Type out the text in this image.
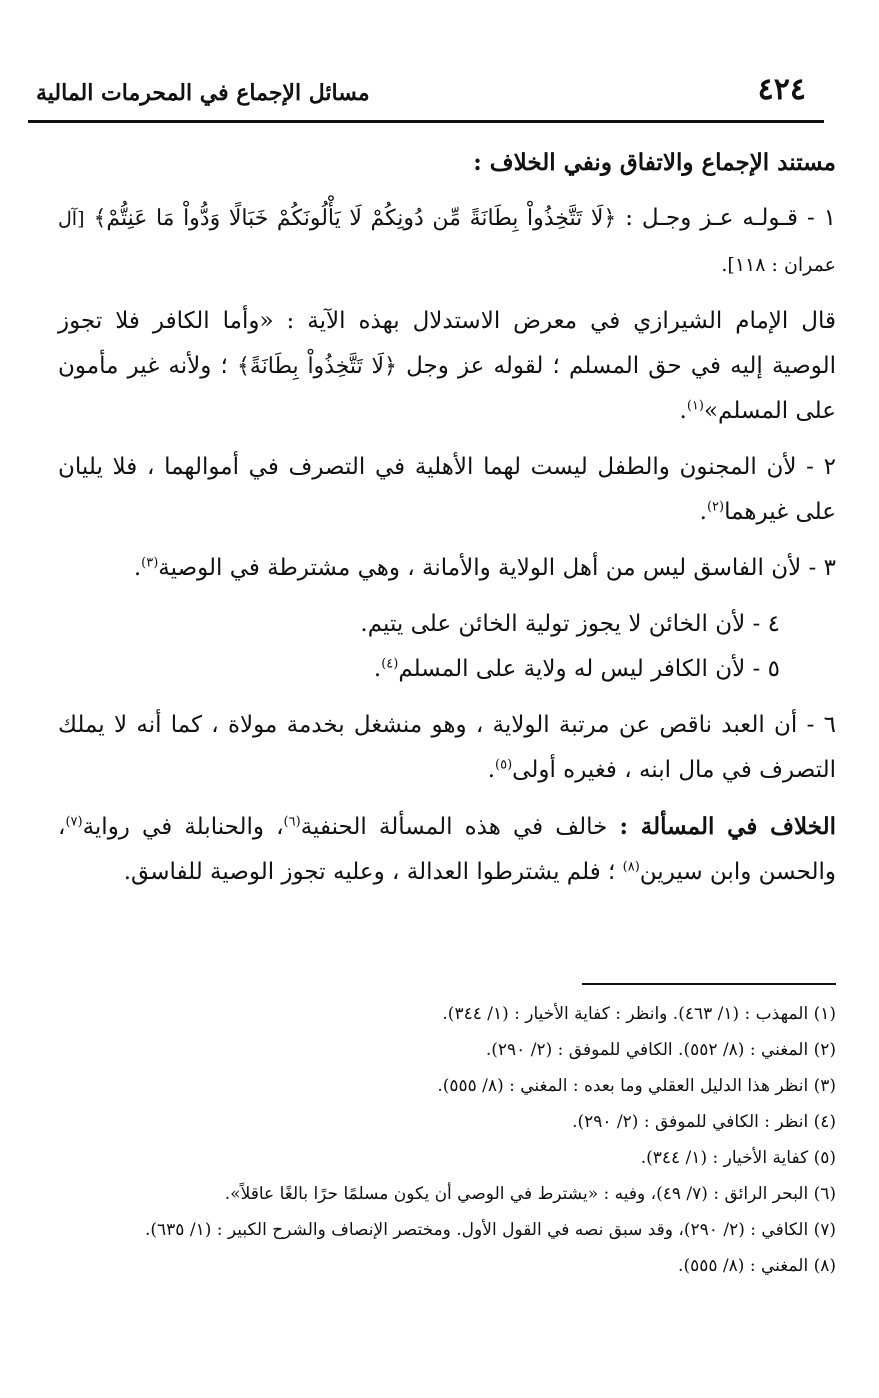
٤٢٤
مسائل الإجماع في المحرمات المالية

مستند الإجماع والاتفاق ونفي الخلاف :

١ - قـولـه عـز وجـل : ﴿لَا تَتَّخِذُواْ بِطَانَةً مِّن دُونِكُمْ لَا يَأْلُونَكُمْ خَبَالًا وَدُّواْ مَا عَنِتُّمْ﴾ [آل عمران : ١١٨].

قال الإمام الشيرازي في معرض الاستدلال بهذه الآية : «وأما الكافر فلا تجوز الوصية إليه في حق المسلم ؛ لقوله عز وجل ﴿لَا تَتَّخِذُواْ بِطَانَةً﴾ ؛ ولأنه غير مأمون على المسلم»$^{(١)}$.

٢ - لأن المجنون والطفل ليست لهما الأهلية في التصرف في أموالهما ، فلا يليان على غيرهما$^{(٢)}$.

٣ - لأن الفاسق ليس من أهل الولاية والأمانة ، وهي مشترطة في الوصية$^{(٣)}$.

٤ - لأن الخائن لا يجوز تولية الخائن على يتيم.

٥ - لأن الكافر ليس له ولاية على المسلم$^{(٤)}$.

٦ - أن العبد ناقص عن مرتبة الولاية ، وهو منشغل بخدمة مولاة ، كما أنه لا يملك التصرف في مال ابنه ، فغيره أولى$^{(٥)}$.

الخلاف في المسألة : خالف في هذه المسألة الحنفية$^{(٦)}$، والحنابلة في رواية$^{(٧)}$، والحسن وابن سيرين$^{(٨)}$ ؛ فلم يشترطوا العدالة ، وعليه تجوز الوصية للفاسق.

(١) المهذب : (١/ ٤٦٣). وانظر : كفاية الأخيار : (١/ ٣٤٤).

(٢) المغني : (٨/ ٥٥٢). الكافي للموفق : (٢/ ٢٩٠).

(٣) انظر هذا الدليل العقلي وما بعده : المغني : (٨/ ٥٥٥).

(٤) انظر : الكافي للموفق : (٢/ ٢٩٠).

(٥) كفاية الأخيار : (١/ ٣٤٤).

(٦) البحر الرائق : (٧/ ٤٩)، وفيه : «يشترط في الوصي أن يكون مسلمًا حرًا بالغًا عاقلاً».

(٧) الكافي : (٢/ ٢٩٠)، وقد سبق نصه في القول الأول. ومختصر الإنصاف والشرح الكبير : (١/ ٦٣٥).

(٨) المغني : (٨/ ٥٥٥).
